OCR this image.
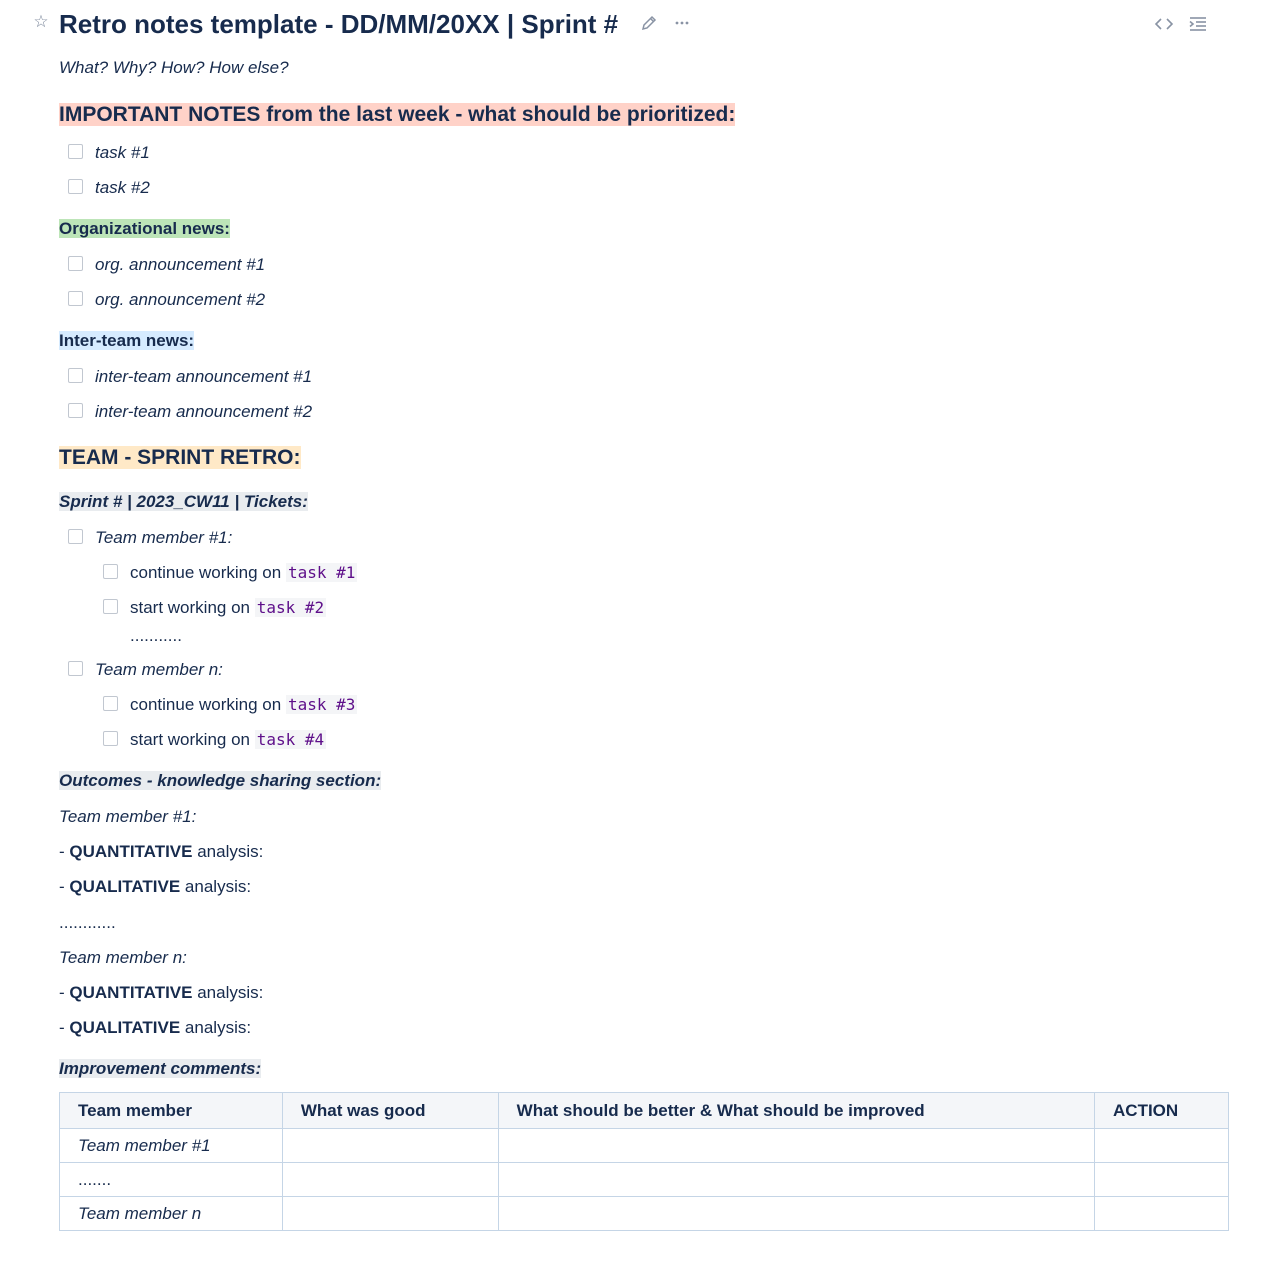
☆ Retro notes template - DD/MM/20XX | Sprint #
What? Why? How? How else?
IMPORTANT NOTES from the last week - what should be prioritized:
task #1
task #2
Organizational news:
org. announcement #1
org. announcement #2
Inter-team news:
inter-team announcement #1
inter-team announcement #2
TEAM - SPRINT RETRO:
Sprint # | 2023_CW11 | Tickets:
Team member #1:
continue working on task #1
start working on task #2
...........
Team member n:
continue working on task #3
start working on task #4
Outcomes - knowledge sharing section:
Team member #1:
- QUANTITATIVE analysis:
- QUALITATIVE analysis:
............
Team member n:
- QUANTITATIVE analysis:
- QUALITATIVE analysis:
Improvement comments:
Team member	What was good	What should be better & What should be improved	ACTION
Team member #1			
.......			
Team member n			
